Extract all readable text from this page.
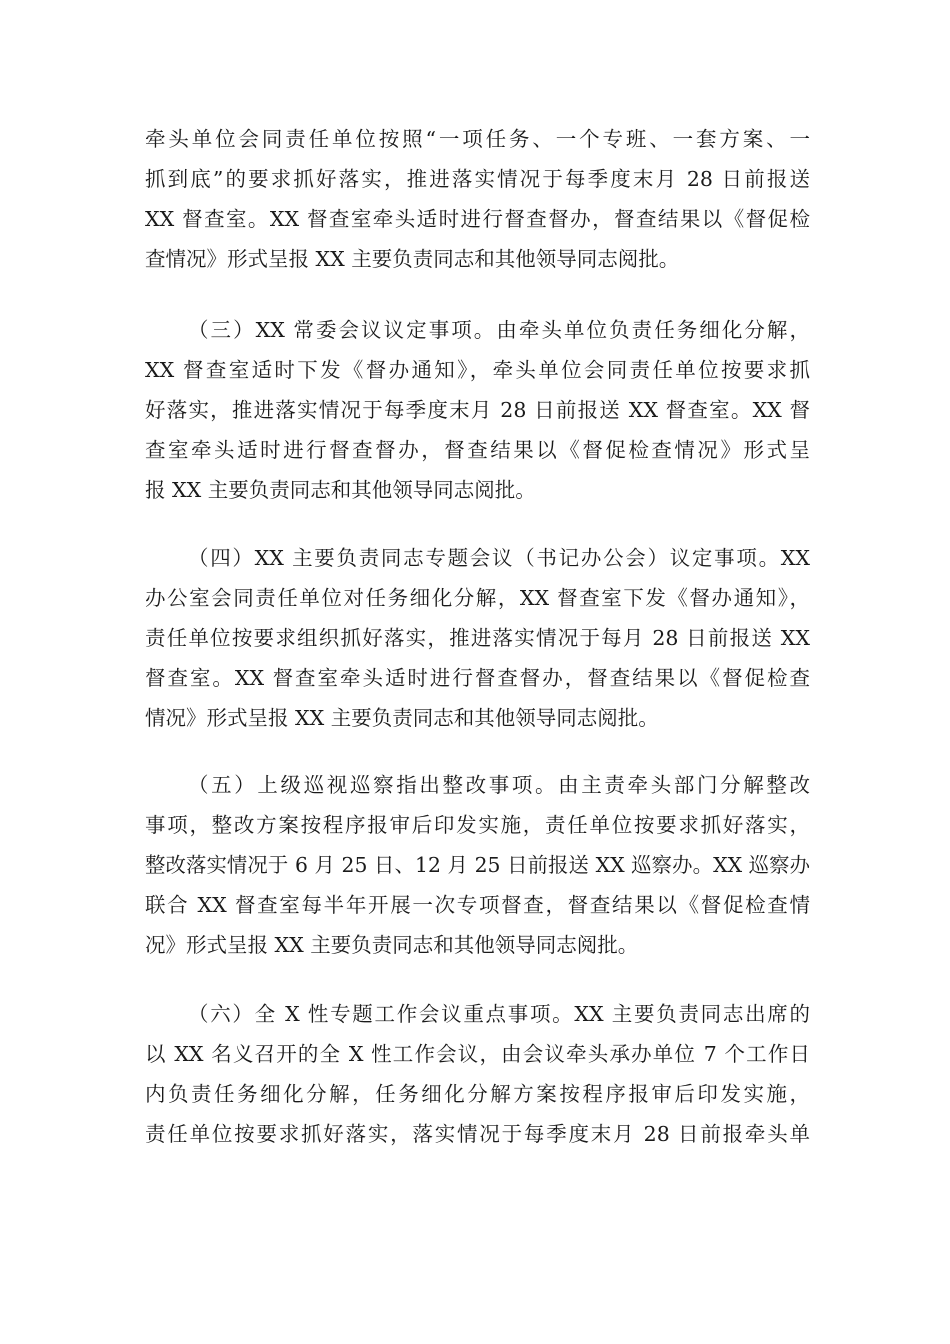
牵头单位会同责任单位按照“一项任务、一个专班、一套方案、一
抓到底”的要求抓好落实，推进落实情况于每季度末月 28 日前报送
XX 督查室。XX 督查室牵头适时进行督查督办，督查结果以《督促检
查情况》形式呈报 XX 主要负责同志和其他领导同志阅批。
（三）XX 常委会议议定事项。由牵头单位负责任务细化分解，
XX 督查室适时下发《督办通知》，牵头单位会同责任单位按要求抓
好落实，推进落实情况于每季度末月 28 日前报送 XX 督查室。XX 督
查室牵头适时进行督查督办，督查结果以《督促检查情况》形式呈
报 XX 主要负责同志和其他领导同志阅批。
（四）XX 主要负责同志专题会议（书记办公会）议定事项。XX
办公室会同责任单位对任务细化分解，XX 督查室下发《督办通知》，
责任单位按要求组织抓好落实，推进落实情况于每月 28 日前报送 XX
督查室。XX 督查室牵头适时进行督查督办，督查结果以《督促检查
情况》形式呈报 XX 主要负责同志和其他领导同志阅批。
（五）上级巡视巡察指出整改事项。由主责牵头部门分解整改
事项，整改方案按程序报审后印发实施，责任单位按要求抓好落实，
整改落实情况于 6 月 25 日、12 月 25 日前报送 XX 巡察办。XX 巡察办
联合 XX 督查室每半年开展一次专项督查，督查结果以《督促检查情
况》形式呈报 XX 主要负责同志和其他领导同志阅批。
（六）全 X 性专题工作会议重点事项。XX 主要负责同志出席的
以 XX 名义召开的全 X 性工作会议，由会议牵头承办单位 7 个工作日
内负责任务细化分解，任务细化分解方案按程序报审后印发实施，
责任单位按要求抓好落实，落实情况于每季度末月 28 日前报牵头单
